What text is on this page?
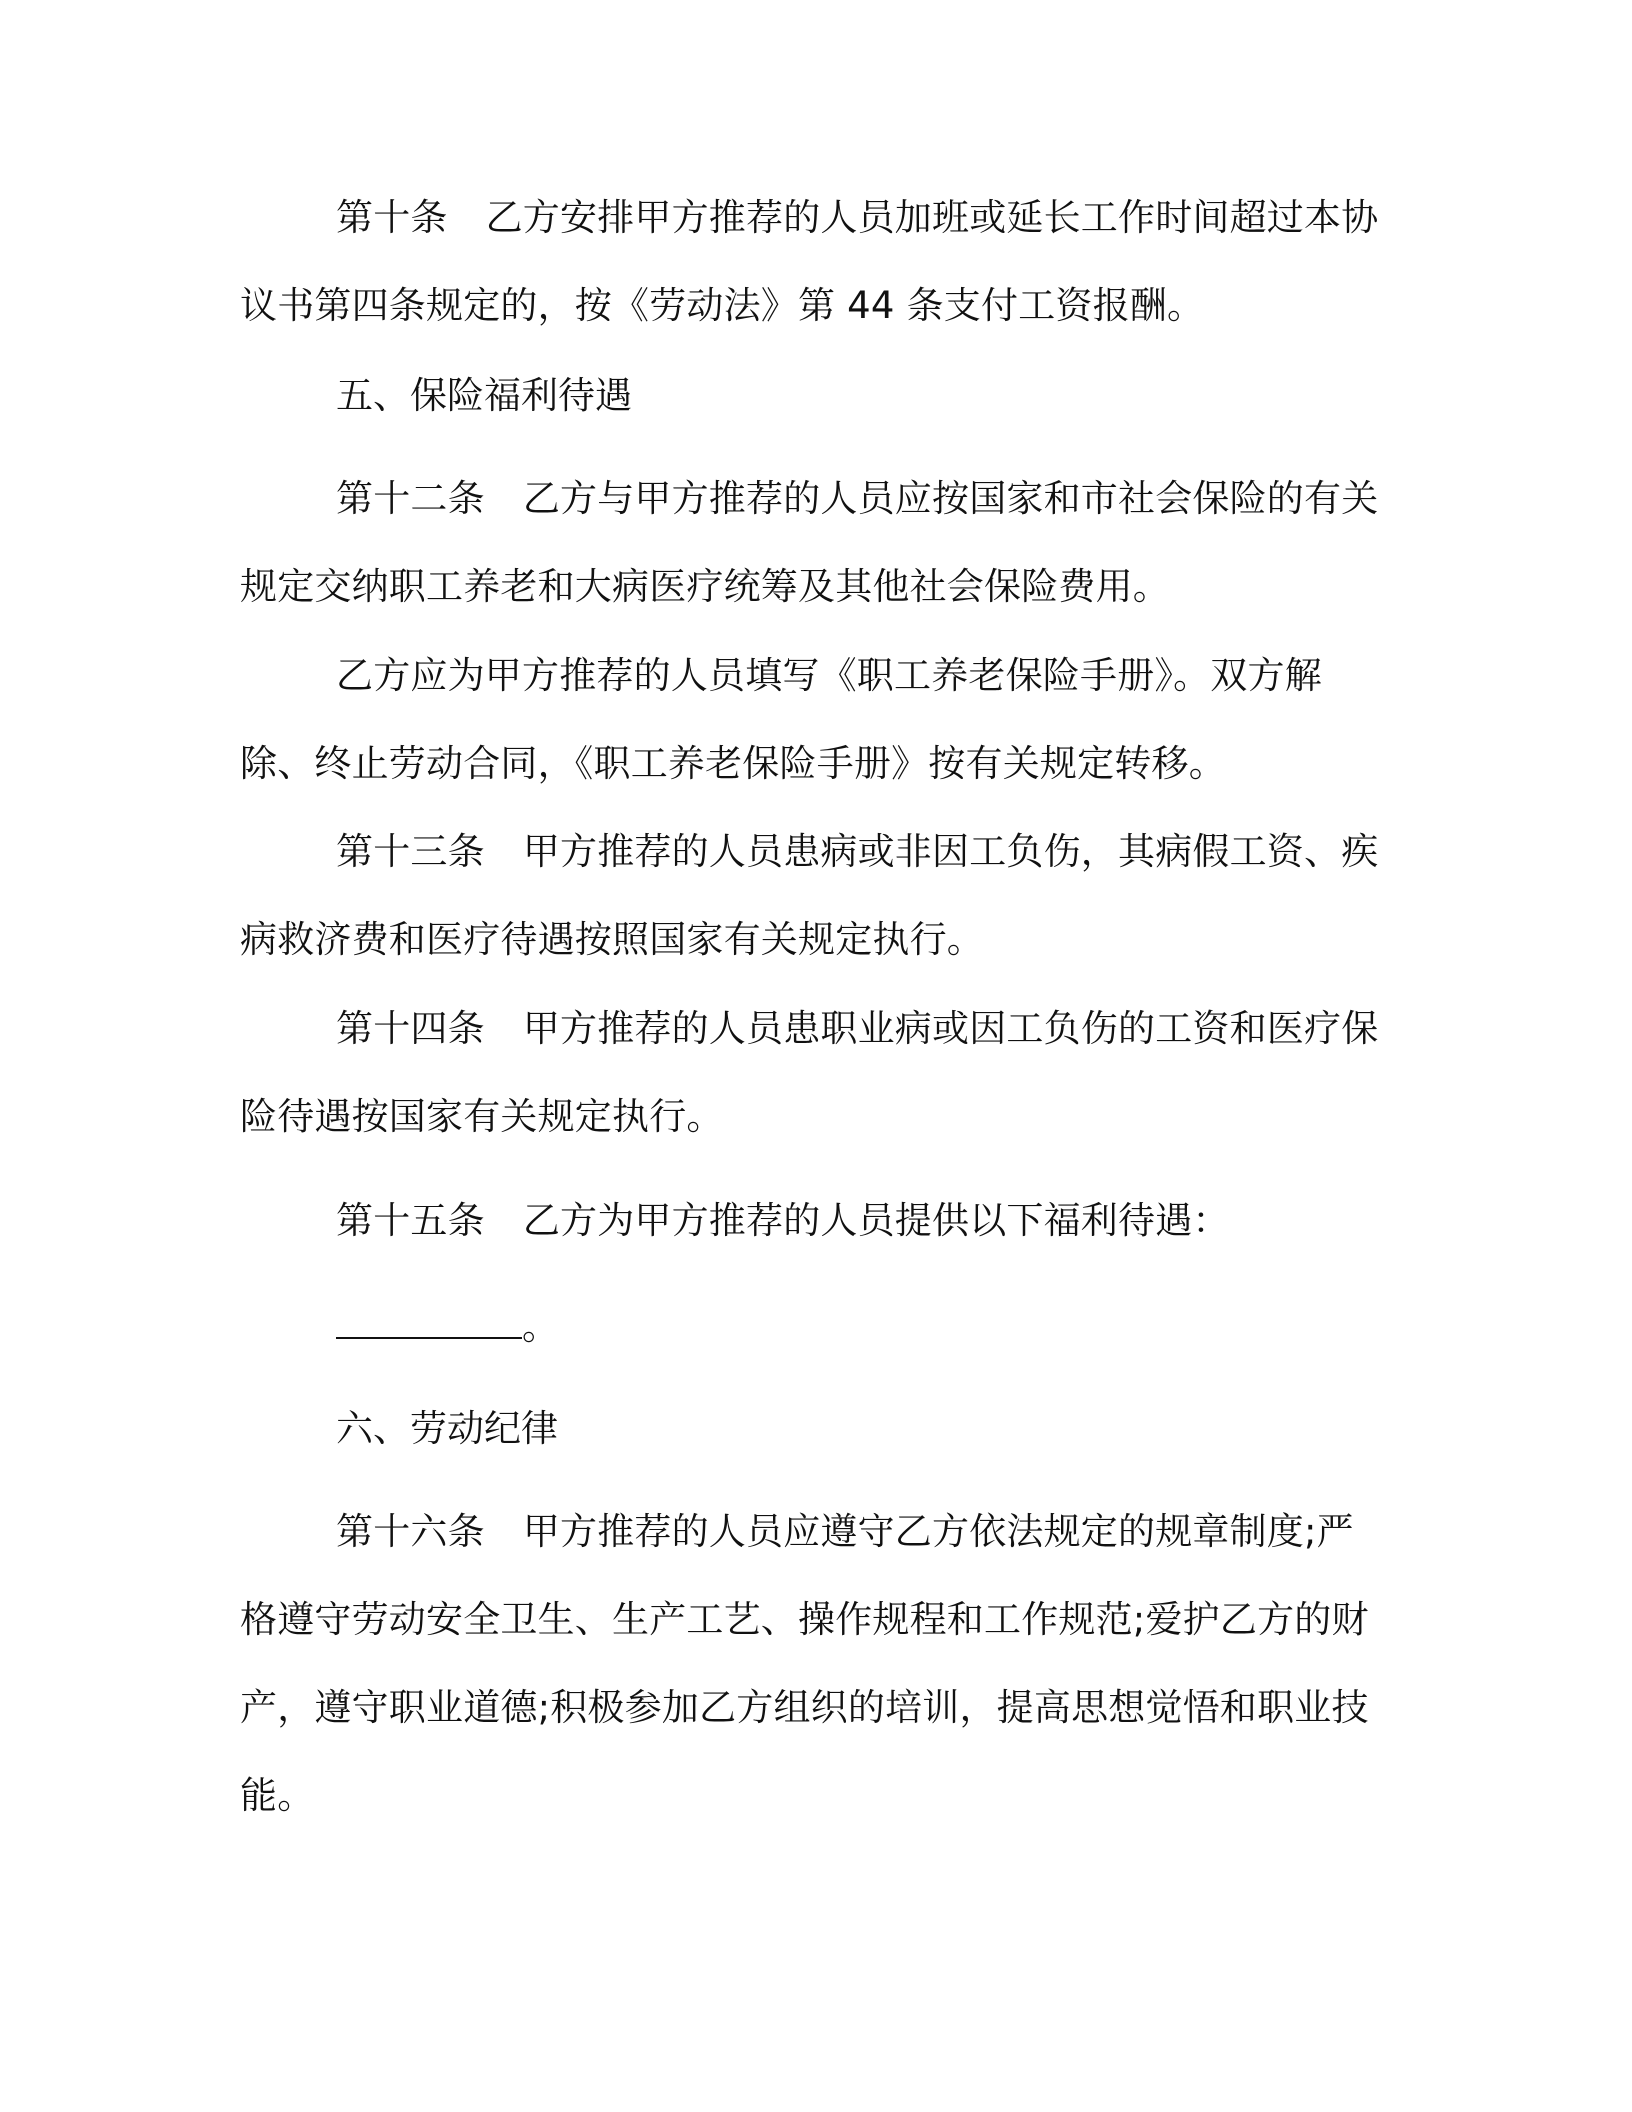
第十条 乙方安排甲方推荐的人员加班或延长工作时间超过本协议书第四条规定的，按《劳动法》第 44 条支付工资报酬。

五、保险福利待遇

第十二条 乙方与甲方推荐的人员应按国家和市社会保险的有关规定交纳职工养老和大病医疗统筹及其他社会保险费用。

乙方应为甲方推荐的人员填写《职工养老保险手册》。双方解除、终止劳动合同，《职工养老保险手册》按有关规定转移。

第十三条 甲方推荐的人员患病或非因工负伤，其病假工资、疾病救济费和医疗待遇按照国家有关规定执行。

第十四条 甲方推荐的人员患职业病或因工负伤的工资和医疗保险待遇按国家有关规定执行。

第十五条 乙方为甲方推荐的人员提供以下福利待遇：

。

六、劳动纪律

第十六条 甲方推荐的人员应遵守乙方依法规定的规章制度;严格遵守劳动安全卫生、生产工艺、操作规程和工作规范;爱护乙方的财产，遵守职业道德;积极参加乙方组织的培训，提高思想觉悟和职业技能。
